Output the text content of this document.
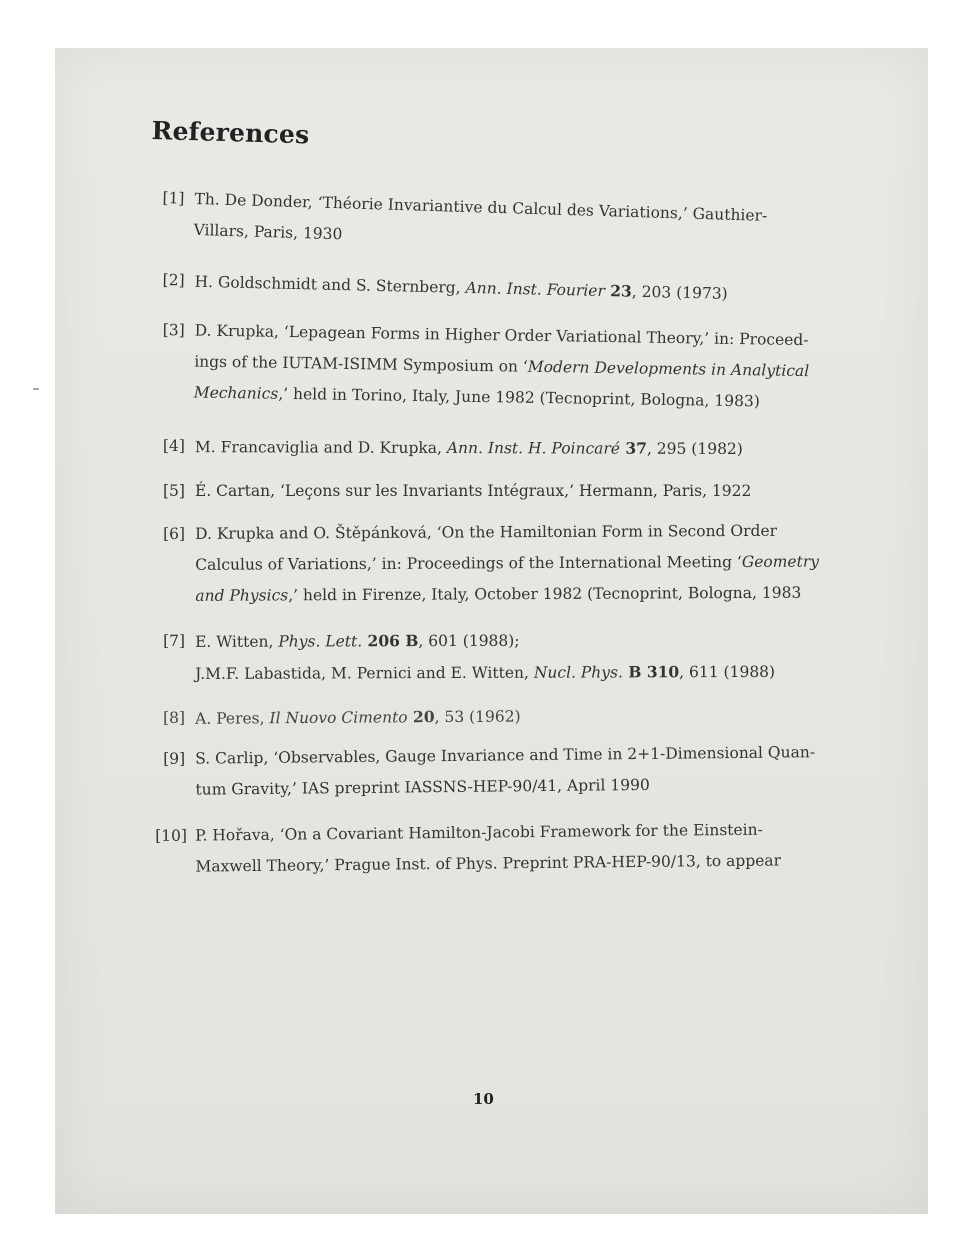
References
[1] Th. De Donder, ‘Théorie Invariantive du Calcul des Variations,’ Gauthier-
Villars, Paris, 1930
[2] H. Goldschmidt and S. Sternberg, Ann. Inst. Fourier 23, 203 (1973)
[3] D. Krupka, ‘Lepagean Forms in Higher Order Variational Theory,’ in: Proceed-
ings of the IUTAM-ISIMM Symposium on ‘Modern Developments in Analytical
Mechanics,’ held in Torino, Italy, June 1982 (Tecnoprint, Bologna, 1983)
[4] M. Francaviglia and D. Krupka, Ann. Inst. H. Poincaré 37, 295 (1982)
[5] É. Cartan, ‘Leçons sur les Invariants Intégraux,’ Hermann, Paris, 1922
[6] D. Krupka and O. Štěpánková, ‘On the Hamiltonian Form in Second Order
Calculus of Variations,’ in: Proceedings of the International Meeting ‘Geometry
and Physics,’ held in Firenze, Italy, October 1982 (Tecnoprint, Bologna, 1983
[7] E. Witten, Phys. Lett. 206 B, 601 (1988);
J.M.F. Labastida, M. Pernici and E. Witten, Nucl. Phys. B 310, 611 (1988)
[8] A. Peres, Il Nuovo Cimento 20, 53 (1962)
[9] S. Carlip, ‘Observables, Gauge Invariance and Time in 2+1-Dimensional Quan-
tum Gravity,’ IAS preprint IASSNS-HEP-90/41, April 1990
[10] P. Hořava, ‘On a Covariant Hamilton-Jacobi Framework for the Einstein-
Maxwell Theory,’ Prague Inst. of Phys. Preprint PRA-HEP-90/13, to appear
10
